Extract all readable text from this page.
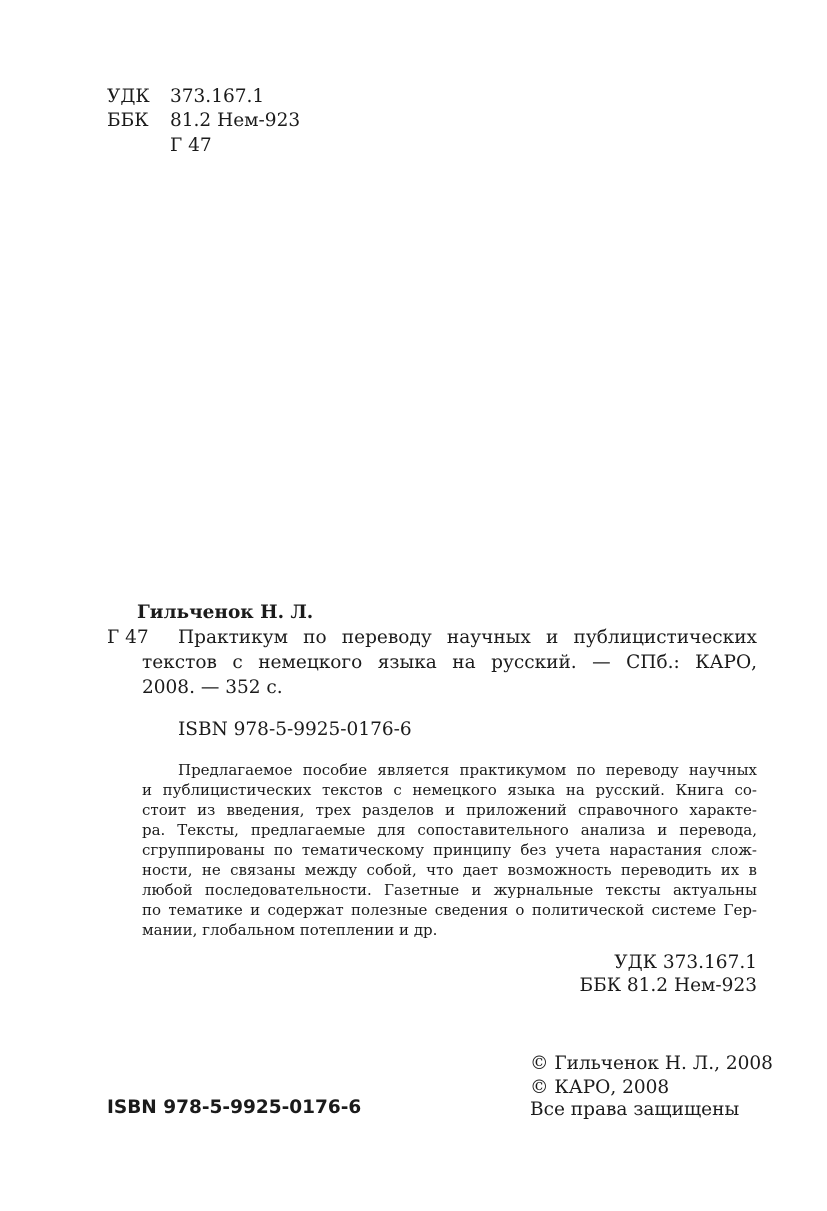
УДК 373.167.1
ББК 81.2 Нем-923
Г 47
Гильченок Н. Л.
Г 47 Практикум по переводу научных и публицистических
текстов с немецкого языка на русский. — СПб.: КАРО,
2008. — 352 с.
ISBN 978-5-9925-0176-6
Предлагаемое пособие является практикумом по переводу научных
и публицистических текстов с немецкого языка на русский. Книга со-
стоит из введения, трех разделов и приложений справочного характе-
ра. Тексты, предлагаемые для сопоставительного анализа и перевода,
сгруппированы по тематическому принципу без учета нарастания слож-
ности, не связаны между собой, что дает возможность переводить их в
любой последовательности. Газетные и журнальные тексты актуальны
по тематике и содержат полезные сведения о политической системе Гер-
мании, глобальном потеплении и др.
УДК 373.167.1
ББК 81.2 Нем-923
© Гильченок Н. Л., 2008
© КАРО, 2008
Все права защищены
ISBN 978-5-9925-0176-6
